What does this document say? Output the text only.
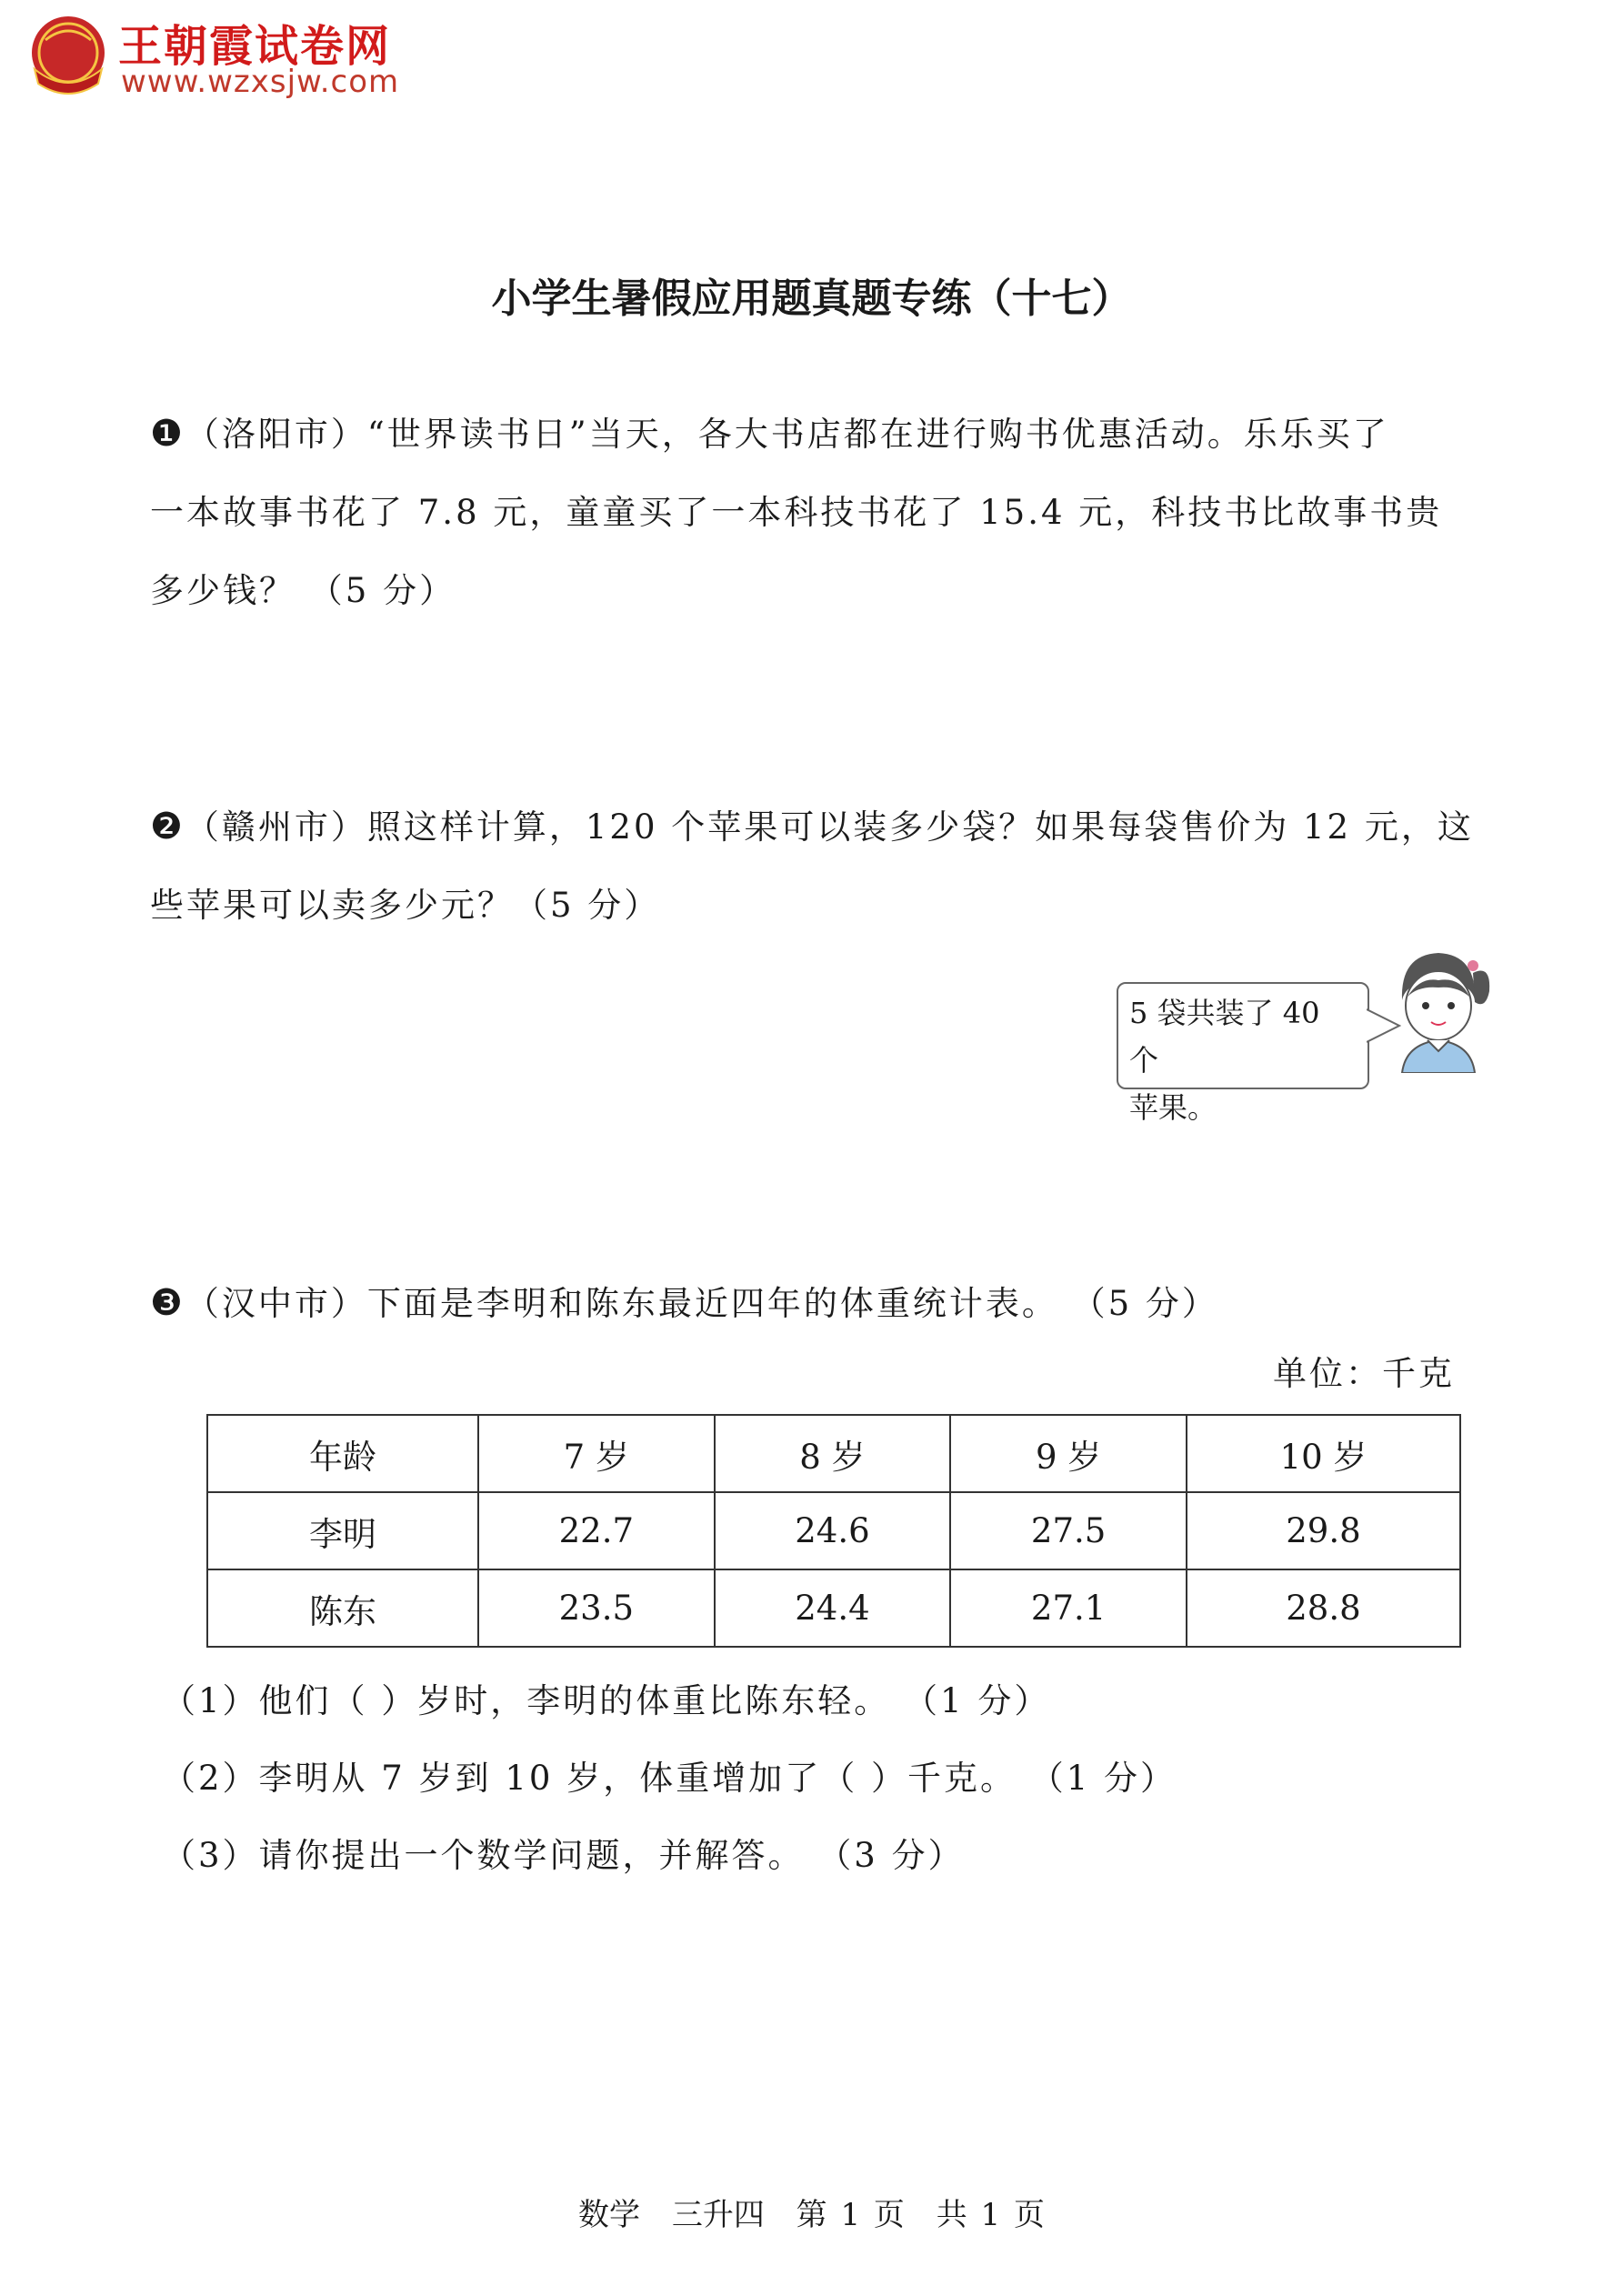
王朝霞试卷网
www.wzxsjw.com
小学生暑假应用题真题专练（十七）
❶（洛阳市）“世界读书日”当天，各大书店都在进行购书优惠活动。乐乐买了
一本故事书花了 7.8 元，童童买了一本科技书花了 15.4 元，科技书比故事书贵
多少钱？ （5 分）
❷（赣州市）照这样计算，120 个苹果可以装多少袋？如果每袋售价为 12 元，这
些苹果可以卖多少元？（5 分）
5 袋共装了 40 个
苹果。
❸（汉中市）下面是李明和陈东最近四年的体重统计表。 （5 分）
单位：千克
年龄	7 岁	8 岁	9 岁	10 岁
李明	22.7	24.6	27.5	29.8
陈东	23.5	24.4	27.1	28.8
（1）他们（ ）岁时，李明的体重比陈东轻。 （1 分）
（2）李明从 7 岁到 10 岁，体重增加了（ ）千克。 （1 分）
（3）请你提出一个数学问题，并解答。 （3 分）
数学 三升四 第 1 页 共 1 页
